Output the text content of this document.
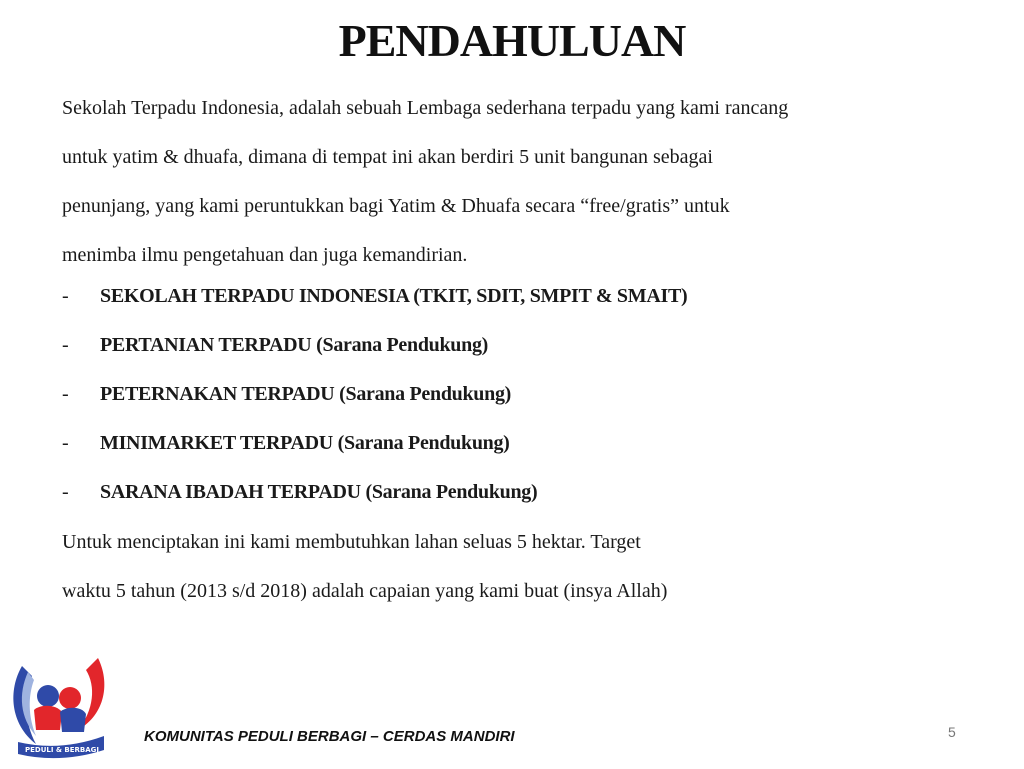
PENDAHULUAN
Sekolah Terpadu Indonesia, adalah sebuah Lembaga sederhana terpadu yang kami rancang
untuk yatim & dhuafa, dimana di tempat ini akan berdiri 5 unit bangunan sebagai
penunjang, yang kami peruntukkan bagi Yatim & Dhuafa secara “free/gratis” untuk
menimba ilmu pengetahuan dan juga kemandirian.
-	SEKOLAH TERPADU INDONESIA (TKIT, SDIT, SMPIT & SMAIT)
-	PERTANIAN TERPADU (Sarana Pendukung)
-	PETERNAKAN TERPADU (Sarana Pendukung)
-	MINIMARKET TERPADU (Sarana Pendukung)
-	SARANA IBADAH TERPADU (Sarana Pendukung)
Untuk menciptakan ini kami membutuhkan lahan seluas 5 hektar. Target
waktu 5 tahun (2013 s/d 2018) adalah capaian yang kami buat (insya Allah)
PEDULI & BERBAGI
KOMUNITAS PEDULI BERBAGI – CERDAS MANDIRI	5
